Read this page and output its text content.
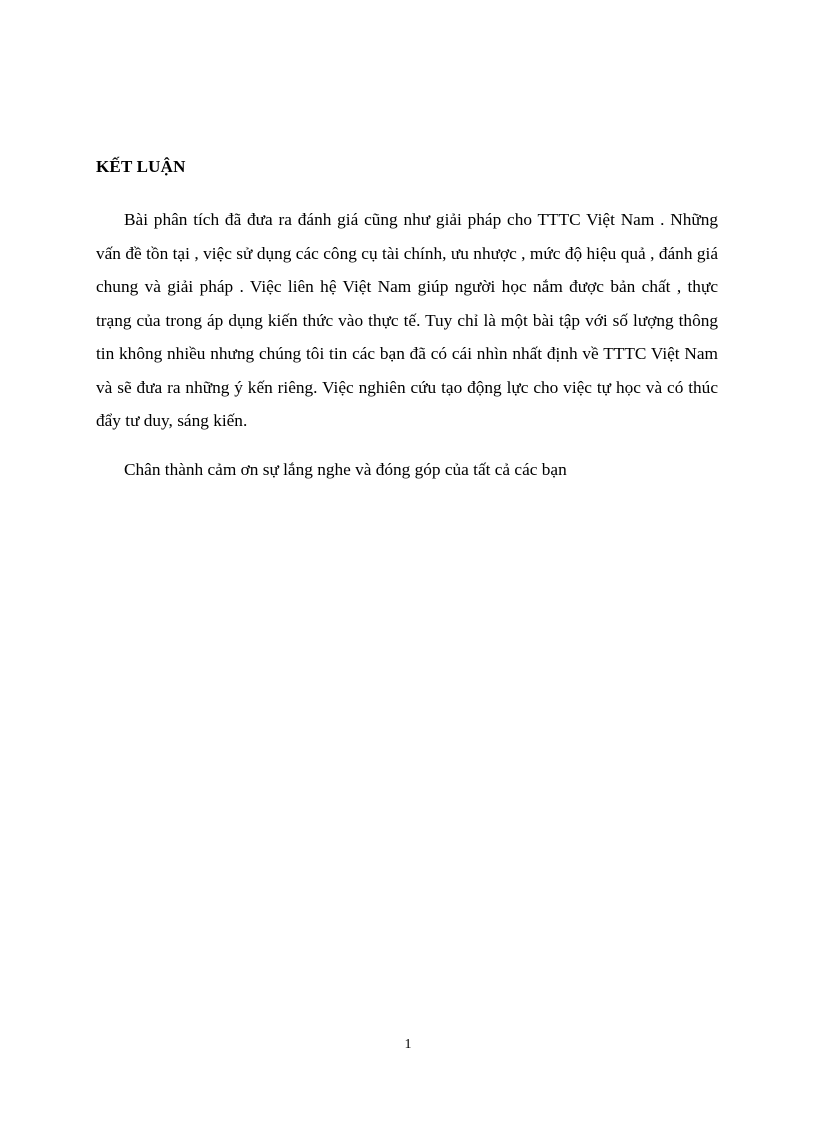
KẾT LUẬN

Bài phân tích đã đưa ra đánh giá cũng như giải pháp cho TTTC Việt Nam . Những vấn đề tồn tại , việc sử dụng các công cụ tài chính, ưu nhược , mức độ hiệu quả , đánh giá chung và giải pháp . Việc liên hệ Việt Nam giúp người học nắm được bản chất , thực trạng của trong áp dụng kiến thức vào thực tế. Tuy chỉ là một bài tập với số lượng thông tin không nhiều nhưng chúng tôi tin các bạn đã có cái nhìn nhất định về TTTC Việt Nam và sẽ đưa ra những ý kến riêng. Việc nghiên cứu tạo động lực cho việc tự học và có thúc đẩy tư duy, sáng kiến.

Chân thành cảm ơn sự lắng nghe và đóng góp của tất cả các bạn

1
